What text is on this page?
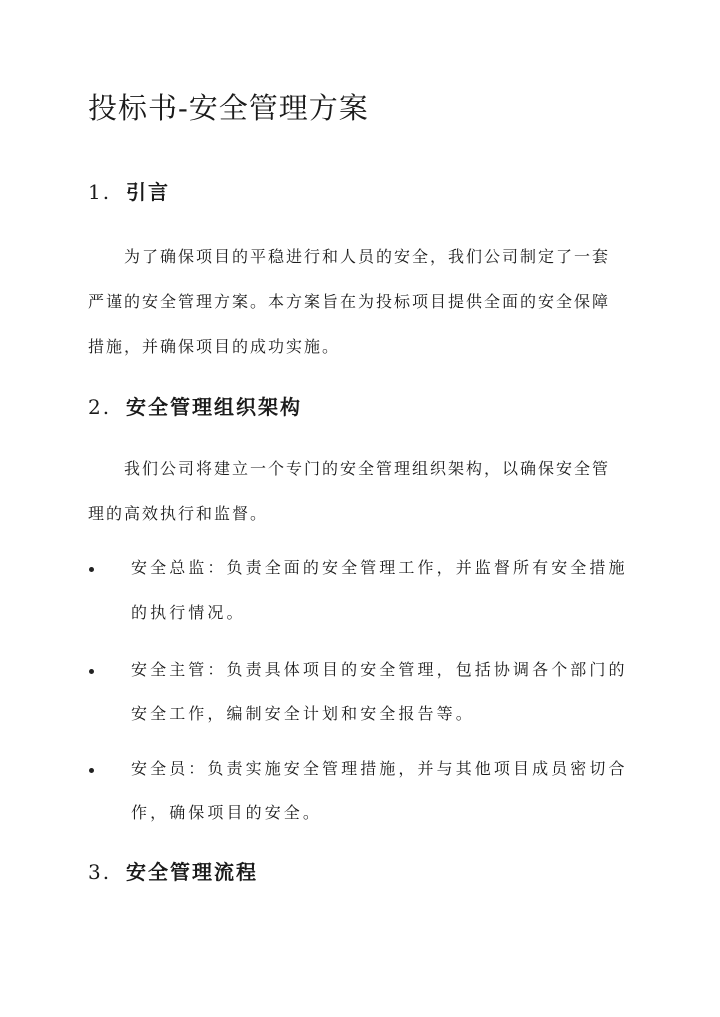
投标书-安全管理方案
1. 引言
为了确保项目的平稳进行和人员的安全，我们公司制定了一套
严谨的安全管理方案。本方案旨在为投标项目提供全面的安全保障
措施，并确保项目的成功实施。
2. 安全管理组织架构
我们公司将建立一个专门的安全管理组织架构，以确保安全管
理的高效执行和监督。
安全总监：负责全面的安全管理工作，并监督所有安全措施
的执行情况。
安全主管：负责具体项目的安全管理，包括协调各个部门的
安全工作，编制安全计划和安全报告等。
安全员：负责实施安全管理措施，并与其他项目成员密切合
作，确保项目的安全。
3. 安全管理流程
